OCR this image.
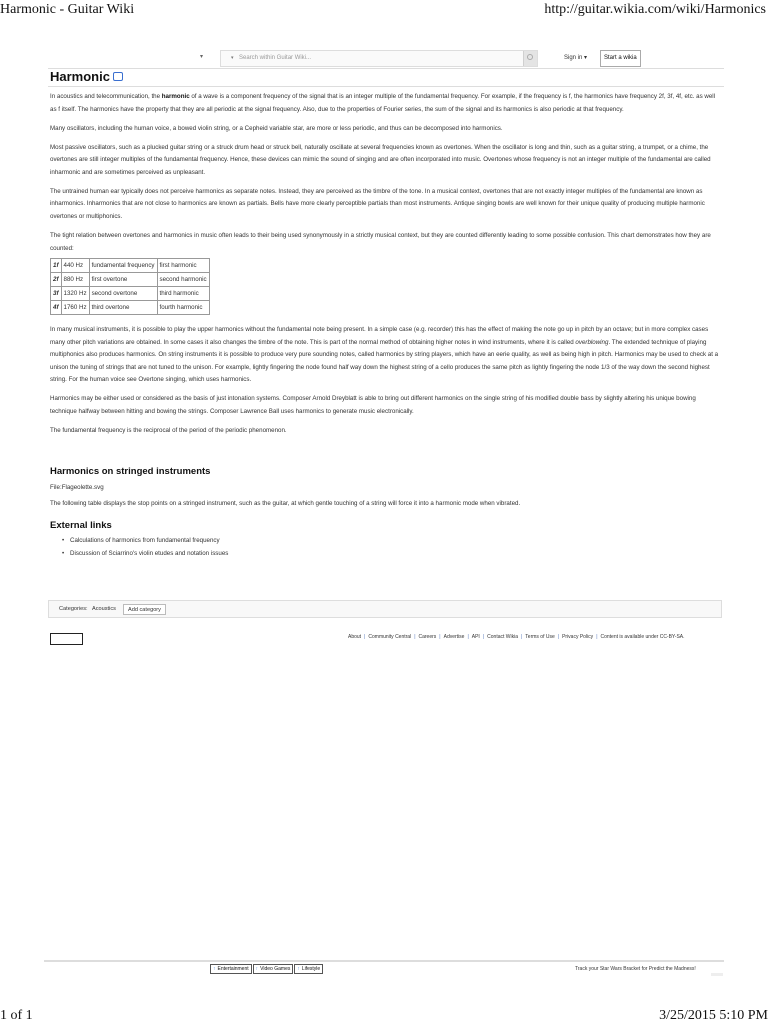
Harmonic - Guitar Wiki	http://guitar.wikia.com/wiki/Harmonics
▾	▾ Search within Guitar Wiki...	Sign in ▾	Start a wikia
Harmonic

In acoustics and telecommunication, the harmonic of a wave is a component frequency of the signal that is an integer multiple of the fundamental frequency. For example, if the frequency is f, the harmonics have frequency 2f, 3f, 4f, etc. as well as f itself. The harmonics have the property that they are all periodic at the signal frequency. Also, due to the properties of Fourier series, the sum of the signal and its harmonics is also periodic at that frequency.

Many oscillators, including the human voice, a bowed violin string, or a Cepheid variable star, are more or less periodic, and thus can be decomposed into harmonics.

Most passive oscillators, such as a plucked guitar string or a struck drum head or struck bell, naturally oscillate at several frequencies known as overtones. When the oscillator is long and thin, such as a guitar string, a trumpet, or a chime, the overtones are still integer multiples of the fundamental frequency. Hence, these devices can mimic the sound of singing and are often incorporated into music. Overtones whose frequency is not an integer multiple of the fundamental are called inharmonic and are sometimes perceived as unpleasant.

The untrained human ear typically does not perceive harmonics as separate notes. Instead, they are perceived as the timbre of the tone. In a musical context, overtones that are not exactly integer multiples of the fundamental are known as inharmonics. Inharmonics that are not close to harmonics are known as partials. Bells have more clearly perceptible partials than most instruments. Antique singing bowls are well known for their unique quality of producing multiple harmonic overtones or multiphonics.

The tight relation between overtones and harmonics in music often leads to their being used synonymously in a strictly musical context, but they are counted differently leading to some possible confusion. This chart demonstrates how they are counted:

1f	440 Hz	fundamental frequency	first harmonic
2f	880 Hz	first overtone	second harmonic
3f	1320 Hz	second overtone	third harmonic
4f	1760 Hz	third overtone	fourth harmonic

In many musical instruments, it is possible to play the upper harmonics without the fundamental note being present. In a simple case (e.g. recorder) this has the effect of making the note go up in pitch by an octave; but in more complex cases many other pitch variations are obtained. In some cases it also changes the timbre of the note. This is part of the normal method of obtaining higher notes in wind instruments, where it is called overblowing. The extended technique of playing multiphonics also produces harmonics. On string instruments it is possible to produce very pure sounding notes, called harmonics by string players, which have an eerie quality, as well as being high in pitch. Harmonics may be used to check at a unison the tuning of strings that are not tuned to the unison. For example, lightly fingering the node found half way down the highest string of a cello produces the same pitch as lightly fingering the node 1/3 of the way down the second highest string. For the human voice see Overtone singing, which uses harmonics.

Harmonics may be either used or considered as the basis of just intonation systems. Composer Arnold Dreyblatt is able to bring out different harmonics on the single string of his modified double bass by slightly altering his unique bowing technique halfway between hitting and bowing the strings. Composer Lawrence Ball uses harmonics to generate music electronically.

The fundamental frequency is the reciprocal of the period of the periodic phenomenon.

Harmonics on stringed instruments

File:Flageolette.svg

The following table displays the stop points on a stringed instrument, such as the guitar, at which gentle touching of a string will force it into a harmonic mode when vibrated.

External links
• Calculations of harmonics from fundamental frequency
• Discussion of Sciarrino's violin etudes and notation issues
Categories: Acoustics	Add category
About | Community Central | Careers | Advertise | API | Contact Wikia | Terms of Use | Privacy Policy | Content is available under CC-BY-SA.
↑ Entertainment ↑ Video Games ↑ Lifestyle	Track your Star Wars Bracket for Predict the Madness!
1 of 1	3/25/2015 5:10 PM
